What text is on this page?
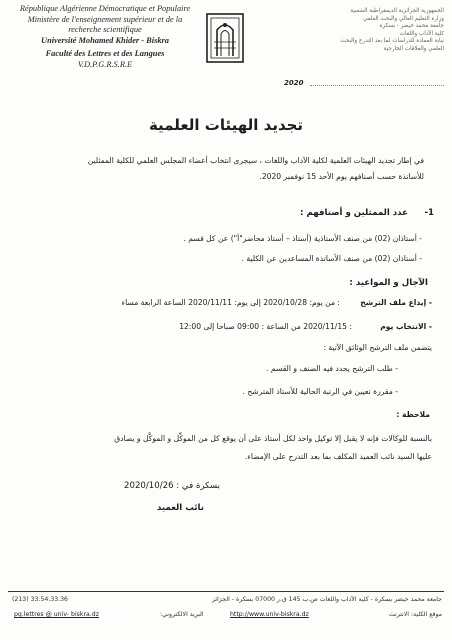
République Algérienne Démocratique et Populaire
Ministère de l'enseignement supérieur et de la
recherche scientifique
Université Mohamed Khider - Biskra
Faculté des Lettres et des Langues
V.D.P.G.R.S.R.E
الجمهورية الجزائرية الديمقراطية الشعبية
وزارة التعليم العالي والبحث العلمي
جامعة محمد خيضر - بسكرة
كلية الآداب واللغات
نيابة العمادة للدراسات لما بعد التدرج والبحث العلمي والعلاقات الخارجية
2020
تجديد الهيئات العلمية
في إطار تجديد الهيئات العلمية لكلية الآداب واللغات ، سيجرى انتخاب أعضاء المجلس العلمي للكلية الممثلين
للأساتذة حسب أصنافهم يوم الأحد 15 نوفمبر 2020.
1-
عدد الممثلين و أصنافهم :
- أستاذان (02) من صنف الأستاذية (أستاذ – أستاذ محاضر"أ") عن كل قسم .
- أستاذان (02) من صنف الأساتذة المساعدين عن الكلية .
الآجال و المواعيد :
- إيداع ملف الترشح
: من يوم: 2020/10/28 إلى يوم: 2020/11/11 الساعة الرابعة مساء
- الانتخاب يوم
: 2020/11/15 من الساعة : 09:00 صباحا إلى 12:00
يتضمن ملف الترشح الوثائق الآتية :
- طلب الترشح يحدد فيه الصنف و القسم .
- مقررة تعيين في الرتبة الحالية للأستاذ المترشح .
ملاحظة :
بالنسبة للوكالات فإنه لا يقبل إلا توكيل واحد لكل أستاذ على أن يوقع كل من الموكِّل و الموكَّل و يصادق
عليها السيد نائب العميد المكلف بما بعد التدرج على الإمضاء.
بسكرة في : 2020/10/26
نائب العميد
(213) 33.54.33.36	جامعة محمد خيضر بسكرة - كلية الآداب واللغات ص.ب 145 ق.ر 07000 بسكرة - الجزائر
pg.lettres @ univ- biskra.dz	البريد الالكتروني:	http://www.univ-biskra.dz	موقع الكلية: الانترنت
